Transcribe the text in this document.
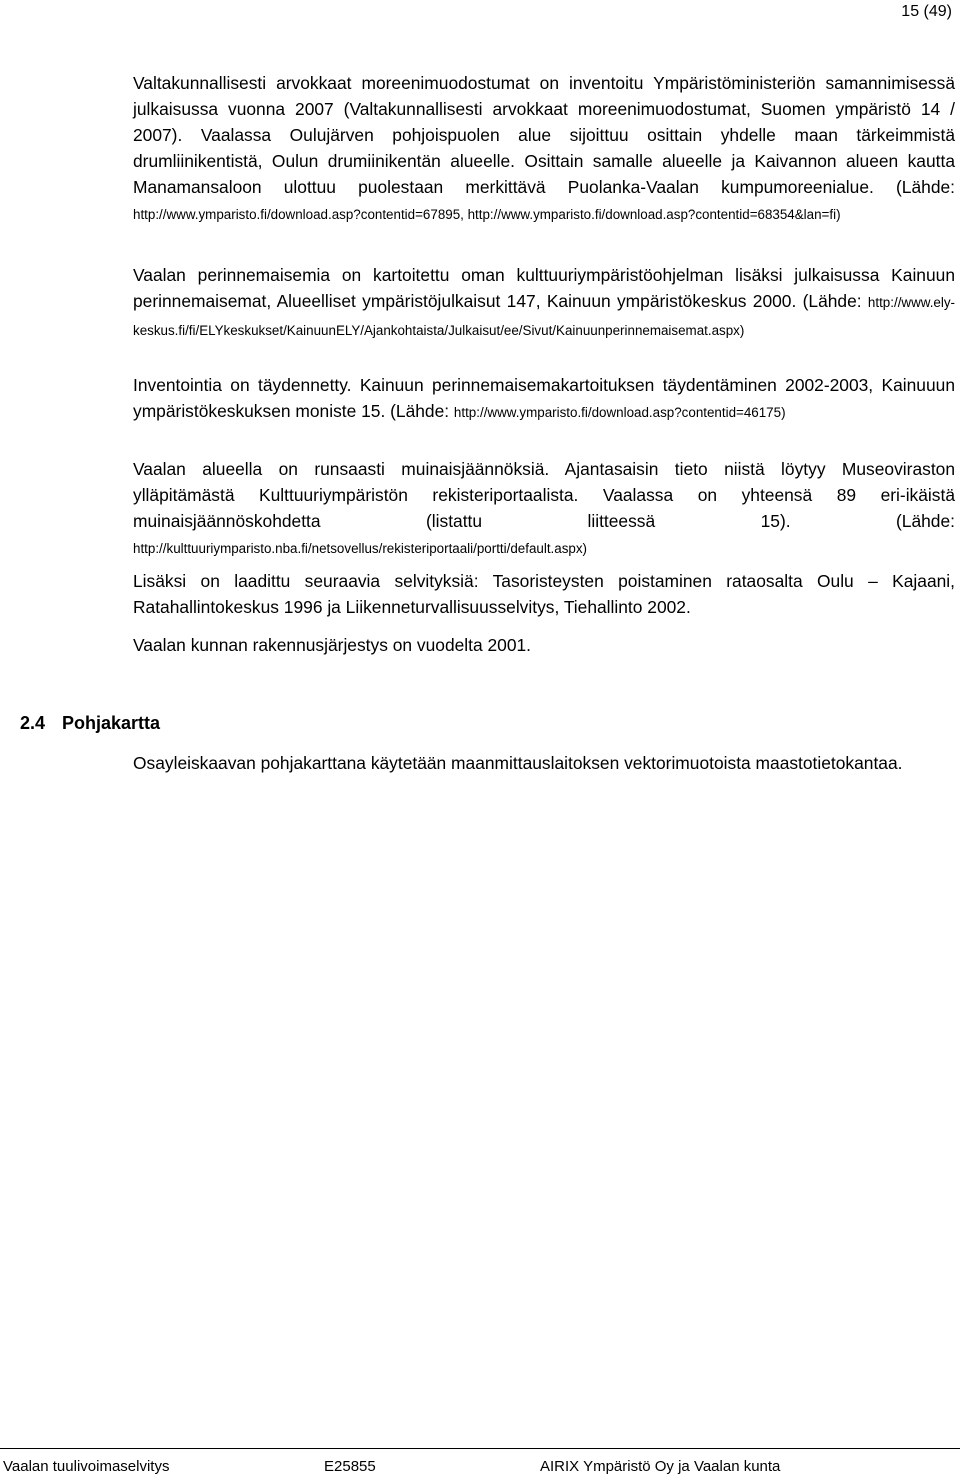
15 (49)

Valtakunnallisesti arvokkaat moreenimuodostumat on inventoitu Ympäristöministeriön samannimisessä julkaisussa vuonna 2007 (Valtakunnallisesti arvokkaat moreenimuodostumat, Suomen ympäristö 14 / 2007). Vaalassa Oulujärven pohjoispuolen alue sijoittuu osittain yhdelle maan tärkeimmistä drumliinikentistä, Oulun drumiinikentän alueelle. Osittain samalle alueelle ja Kaivannon alueen kautta Manamansaloon ulottuu puolestaan merkittävä Puolanka-Vaalan kumpumoreenialue. (Lähde: http://www.ymparisto.fi/download.asp?contentid=67895, http://www.ymparisto.fi/download.asp?contentid=68354&lan=fi)

Vaalan perinnemaisemia on kartoitettu oman kulttuuriympäristöohjelman lisäksi julkaisussa Kainuun perinnemaisemat, Alueelliset ympäristöjulkaisut 147, Kainuun ympäristökeskus 2000. (Lähde: http://www.ely-keskus.fi/fi/ELYkeskukset/KainuunELY/Ajankohtaista/Julkaisut/ee/Sivut/Kainuunperinnemaisemat.aspx)

Inventointia on täydennetty. Kainuun perinnemaisemakartoituksen täydentäminen 2002-2003, Kainuuun ympäristökeskuksen moniste 15. (Lähde: http://www.ymparisto.fi/download.asp?contentid=46175)

Vaalan alueella on runsaasti muinaisjäännöksiä. Ajantasaisin tieto niistä löytyy Museoviraston ylläpitämästä Kulttuuriympäristön rekisteriportaalista. Vaalassa on yhteensä 89 eri-ikäistä muinaisjäännöskohdetta (listattu liitteessä 15). (Lähde: http://kulttuuriymparisto.nba.fi/netsovellus/rekisteriportaali/portti/default.aspx)

Lisäksi on laadittu seuraavia selvityksiä: Tasoristeysten poistaminen rataosalta Oulu – Kajaani, Ratahallintokeskus 1996 ja Liikenneturvallisuusselvitys, Tiehallinto 2002.

Vaalan kunnan rakennusjärjestys on vuodelta 2001.

2.4 Pohjakartta

Osayleiskaavan pohjakarttana käytetään maanmittauslaitoksen vektorimuotoista maastotietokantaa.

Vaalan tuulivoimaselvitys	E25855	AIRIX Ympäristö Oy ja Vaalan kunta
